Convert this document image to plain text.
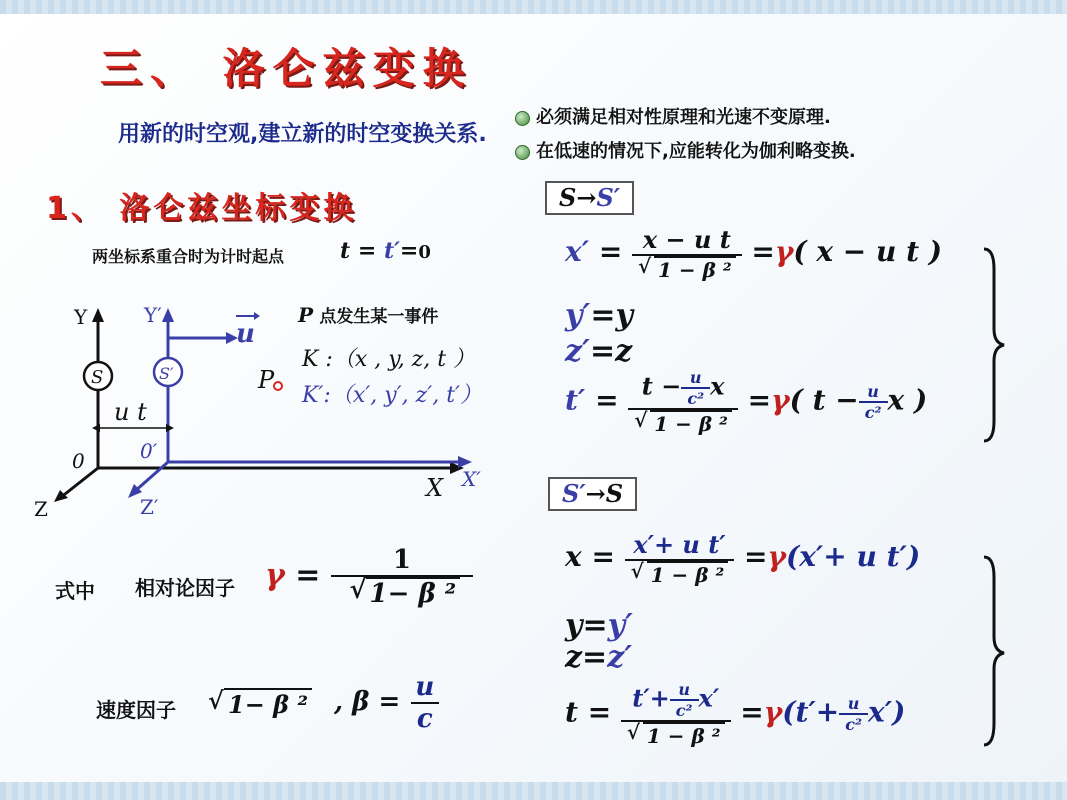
三、 洛仑兹变换
用新的时空观,建立新的时空变换关系.
必须满足相对性原理和光速不变原理.
在低速的情况下,应能转化为伽利略变换.
1、 洛仑兹坐标变换
两坐标系重合时为计时起点	t = t′=0
Y	Y′
u
S	S′
u t
0	0′
Z	Z′
X X′
P
P 点发生某一事件
K :（x , y, z, t ）
K′:（x′, y′, z′, t′）
式中 相对论因子 γ = 1
√ 1− β ²
速度因子
√ 1− β ² , $\beta = \frac{u}{c}$
S→S′
x′ = x − u t
√ 1 − β ² =γ( x − u t )
y′=y
z′=z
$t' = t - \frac{u}{\text{c²}}$ x
√ 1 − β ² =γ( $t - \frac{u}{\text{c²}}$ x )
S′→S
x = x′+ u t′
√ 1 − β ² =γ(x′+ u t′)
y=y′
z=z′
$t = t'+ \frac{u}{\text{c²}} x'$
√ 1 − β $^2 =\gamma(t'+ \frac{u}{\text{c²}} x')$
